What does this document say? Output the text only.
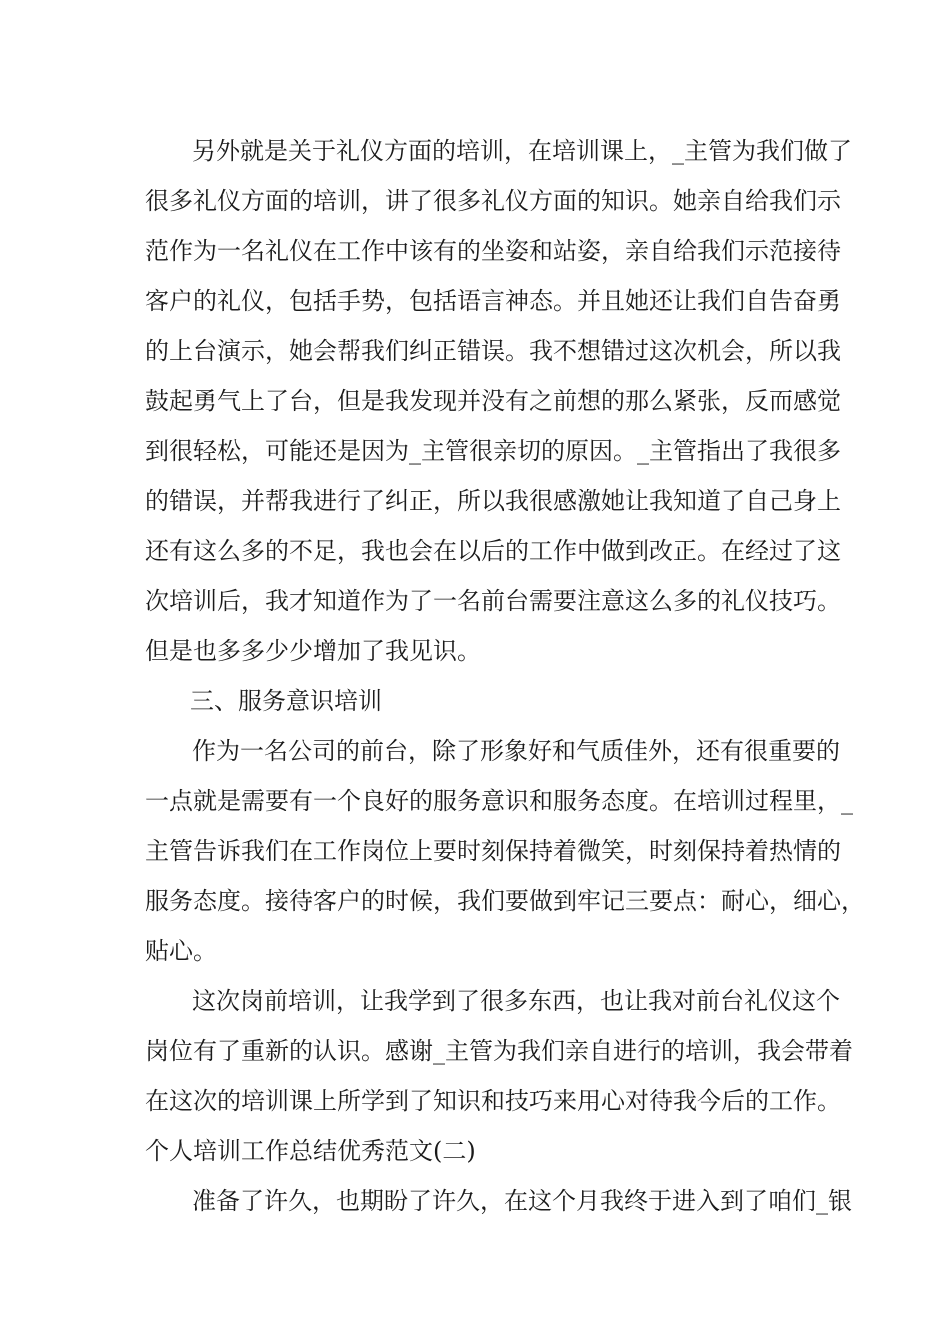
另外就是关于礼仪方面的培训，在培训课上，_主管为我们做了
很多礼仪方面的培训，讲了很多礼仪方面的知识。她亲自给我们示
范作为一名礼仪在工作中该有的坐姿和站姿，亲自给我们示范接待
客户的礼仪，包括手势，包括语言神态。并且她还让我们自告奋勇
的上台演示，她会帮我们纠正错误。我不想错过这次机会，所以我
鼓起勇气上了台，但是我发现并没有之前想的那么紧张，反而感觉
到很轻松，可能还是因为_主管很亲切的原因。_主管指出了我很多
的错误，并帮我进行了纠正，所以我很感激她让我知道了自己身上
还有这么多的不足，我也会在以后的工作中做到改正。在经过了这
次培训后，我才知道作为了一名前台需要注意这么多的礼仪技巧。
但是也多多少少增加了我见识。
三、服务意识培训
作为一名公司的前台，除了形象好和气质佳外，还有很重要的
一点就是需要有一个良好的服务意识和服务态度。在培训过程里，_
主管告诉我们在工作岗位上要时刻保持着微笑，时刻保持着热情的
服务态度。接待客户的时候，我们要做到牢记三要点：耐心，细心，
贴心。
这次岗前培训，让我学到了很多东西，也让我对前台礼仪这个
岗位有了重新的认识。感谢_主管为我们亲自进行的培训，我会带着
在这次的培训课上所学到了知识和技巧来用心对待我今后的工作。
个人培训工作总结优秀范文(二)
准备了许久，也期盼了许久，在这个月我终于进入到了咱们_银
